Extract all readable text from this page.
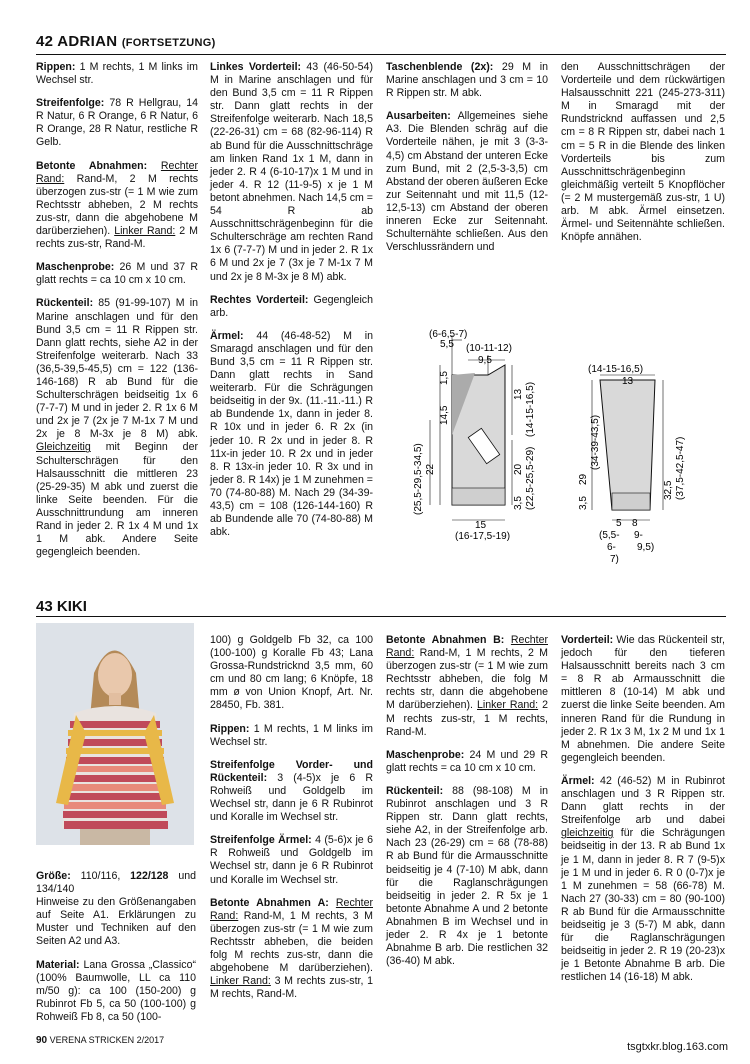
42 ADRIAN (FORTSETZUNG)

Rippen: 1 M rechts, 1 M links im Wechsel str.

Streifenfolge: 78 R Hellgrau, 14 R Natur, 6 R Orange, 6 R Natur, 6 R Orange, 28 R Natur, restliche R Gelb.

Betonte Abnahmen: Rechter Rand: Rand-M, 2 M rechts überzogen zus-str (= 1 M wie zum Rechtsstr abheben, 2 M rechts zus-str, dann die abgehobene M darüberziehen). Linker Rand: 2 M rechts zus-str, Rand-M.

Maschenprobe: 26 M und 37 R glatt rechts = ca 10 cm x 10 cm.

Rückenteil: 85 (91-99-107) M in Marine anschlagen und für den Bund 3,5 cm = 11 R Rippen str. Dann glatt rechts, siehe A2 in der Streifenfolge weiterarb. Nach 33 (36,5-39,5-45,5) cm = 122 (136-146-168) R ab Bund für die Schulterschrägen beidseitig 1x 6 (7-7-7) M und in jeder 2. R 1x 6 M und 2x je 7 (2x je 7 M-1x 7 M und 2x je 8 M-3x je 8 M) abk. Gleichzeitig mit Beginn der Schulterschrägen für den Halsausschnitt die mittleren 23 (25-29-35) M abk und zuerst die linke Seite beenden. Für die Ausschnittrundung am inneren Rand in jeder 2. R 1x 4 M und 1x 1 M abk. Andere Seite gegengleich beenden.

Linkes Vorderteil: 43 (46-50-54) M in Marine anschlagen und für den Bund 3,5 cm = 11 R Rippen str. Dann glatt rechts in der Streifenfolge weiterarb. Nach 18,5 (22-26-31) cm = 68 (82-96-114) R ab Bund für die Ausschnittschräge am linken Rand 1x 1 M, dann in jeder 2. R 4 (6-10-17)x 1 M und in jeder 4. R 12 (11-9-5) x je 1 M betont abnehmen. Nach 14,5 cm = 54 R ab Ausschnittschrägenbeginn für die Schulterschräge am rechten Rand 1x 6 (7-7-7) M und in jeder 2. R 1x 6 M und 2x je 7 (3x je 7 M-1x 7 M und 2x je 8 M-3x je 8 M) abk.

Rechtes Vorderteil: Gegengleich arb.

Ärmel: 44 (46-48-52) M in Smaragd anschlagen und für den Bund 3,5 cm = 11 R Rippen str. Dann glatt rechts in Sand weiterarb. Für die Schrägungen beidseitig in der 9x. (11.-11.-11.) R ab Bundende 1x, dann in jeder 8. R 10x und in jeder 6. R 2x (in jeder 10. R 2x und in jeder 8. R 11x-in jeder 10. R 2x und in jeder 8. R 13x-in jeder 10. R 3x und in jeder 8. R 14x) je 1 M zunehmen = 70 (74-80-88) M. Nach 29 (34-39-43,5) cm = 108 (126-144-160) R ab Bundende alle 70 (74-80-88) M abk.

Taschenblende (2x): 29 M in Marine anschlagen und 3 cm = 10 R Rippen str. M abk.

Ausarbeiten: Allgemeines siehe A3. Die Blenden schräg auf die Vorderteile nähen, je mit 3 (3-3-4,5) cm Abstand der unteren Ecke zum Bund, mit 2 (2,5-3-3,5) cm Abstand der oberen äußeren Ecke zur Seitennaht und mit 11,5 (12-12,5-13) cm Abstand der oberen inneren Ecke zur Seitennaht. Schulternähte schließen. Aus den Verschlussrändern und

den Ausschnittschrägen der Vorderteile und dem rückwärtigen Halsausschnitt 221 (245-273-311) M in Smaragd mit der Rundstricknd auffassen und 2,5 cm = 8 R Rippen str, dabei nach 1 cm = 5 R in die Blende des linken Vorderteils bis zum Ausschnittschrägenbeginn gleichmäßig verteilt 5 Knopflöcher (= 2 M mustergemäß zus-str, 1 U) arb. M abk. Ärmel einsetzen. Ärmel- und Seitennähte schließen. Knöpfe annähen.

(6-6,5-7)
5,5 (10-11-12)
9,5
1,5
14,5
(25,5-29,5-34,5) 22
13 (14-15-16,5)
20 (22,5-25,5-29)
3,5
15
(16-17,5-19)
(14-15-16,5)
13
3,5
29
(34-39-43,5)
32,5 (37,5-42,5-47)
5 8
(5,5- 9-
6- 9,5)
7)
43 KIKI

Größe: 110/116, 122/128 und 134/140
Hinweise zu den Größenangaben auf Seite A1. Erklärungen zu Muster und Techniken auf den Seiten A2 und A3.

Material: Lana Grossa „Classico“ (100% Baumwolle, LL ca 110 m/50 g): ca 100 (150-200) g Rubinrot Fb 5, ca 50 (100-100) g Rohweiß Fb 8, ca 50 (100-

100) g Goldgelb Fb 32, ca 100 (100-100) g Koralle Fb 43; Lana Grossa-Rundstricknd 3,5 mm, 60 cm und 80 cm lang; 6 Knöpfe, 18 mm ø von Union Knopf, Art. Nr. 28450, Fb. 381.

Rippen: 1 M rechts, 1 M links im Wechsel str.

Streifenfolge Vorder- und Rückenteil: 3 (4-5)x je 6 R Rohweiß und Goldgelb im Wechsel str, dann je 6 R Rubinrot und Koralle im Wechsel str.

Streifenfolge Ärmel: 4 (5-6)x je 6 R Rohweiß und Goldgelb im Wechsel str, dann je 6 R Rubinrot und Koralle im Wechsel str.

Betonte Abnahmen A: Rechter Rand: Rand-M, 1 M rechts, 3 M überzogen zus-str (= 1 M wie zum Rechtsstr abheben, die beiden folg M rechts zus-str, dann die abgehobene M darüberziehen). Linker Rand: 3 M rechts zus-str, 1 M rechts, Rand-M.

Betonte Abnahmen B: Rechter Rand: Rand-M, 1 M rechts, 2 M überzogen zus-str (= 1 M wie zum Rechtsstr abheben, die folg M rechts str, dann die abgehobene M darüberziehen). Linker Rand: 2 M rechts zus-str, 1 M rechts, Rand-M.

Maschenprobe: 24 M und 29 R glatt rechts = ca 10 cm x 10 cm.

Rückenteil: 88 (98-108) M in Rubinrot anschlagen und 3 R Rippen str. Dann glatt rechts, siehe A2, in der Streifenfolge arb. Nach 23 (26-29) cm = 68 (78-88) R ab Bund für die Armausschnitte beidseitig je 4 (7-10) M abk, dann für die Raglanschrägungen beidseitig in jeder 2. R 5x je 1 betonte Abnahme A und 2 betonte Abnahmen B im Wechsel und in jeder 2. R 4x je 1 betonte Abnahme B arb. Die restlichen 32 (36-40) M abk.

Vorderteil: Wie das Rückenteil str, jedoch für den tieferen Halsausschnitt bereits nach 3 cm = 8 R ab Armausschnitt die mittleren 8 (10-14) M abk und zuerst die linke Seite beenden. Am inneren Rand für die Rundung in jeder 2. R 1x 3 M, 1x 2 M und 1x 1 M abnehmen. Die andere Seite gegengleich beenden.

Ärmel: 42 (46-52) M in Rubinrot anschlagen und 3 R Rippen str. Dann glatt rechts in der Streifenfolge arb und dabei gleichzeitig für die Schrägungen beidseitig in der 13. R ab Bund 1x je 1 M, dann in jeder 8. R 7 (9-5)x je 1 M und in jeder 6. R 0 (0-7)x je 1 M zunehmen = 58 (66-78) M. Nach 27 (30-33) cm = 80 (90-100) R ab Bund für die Armausschnitte beidseitig je 3 (5-7) M abk, dann für die Raglanschrägungen beidseitig in jeder 2. R 19 (20-23)x je 1 Betonte Abnahme B arb. Die restlichen 14 (16-18) M abk.

90 VERENA STRICKEN 2/2017
tsgtxkr.blog.163.com
